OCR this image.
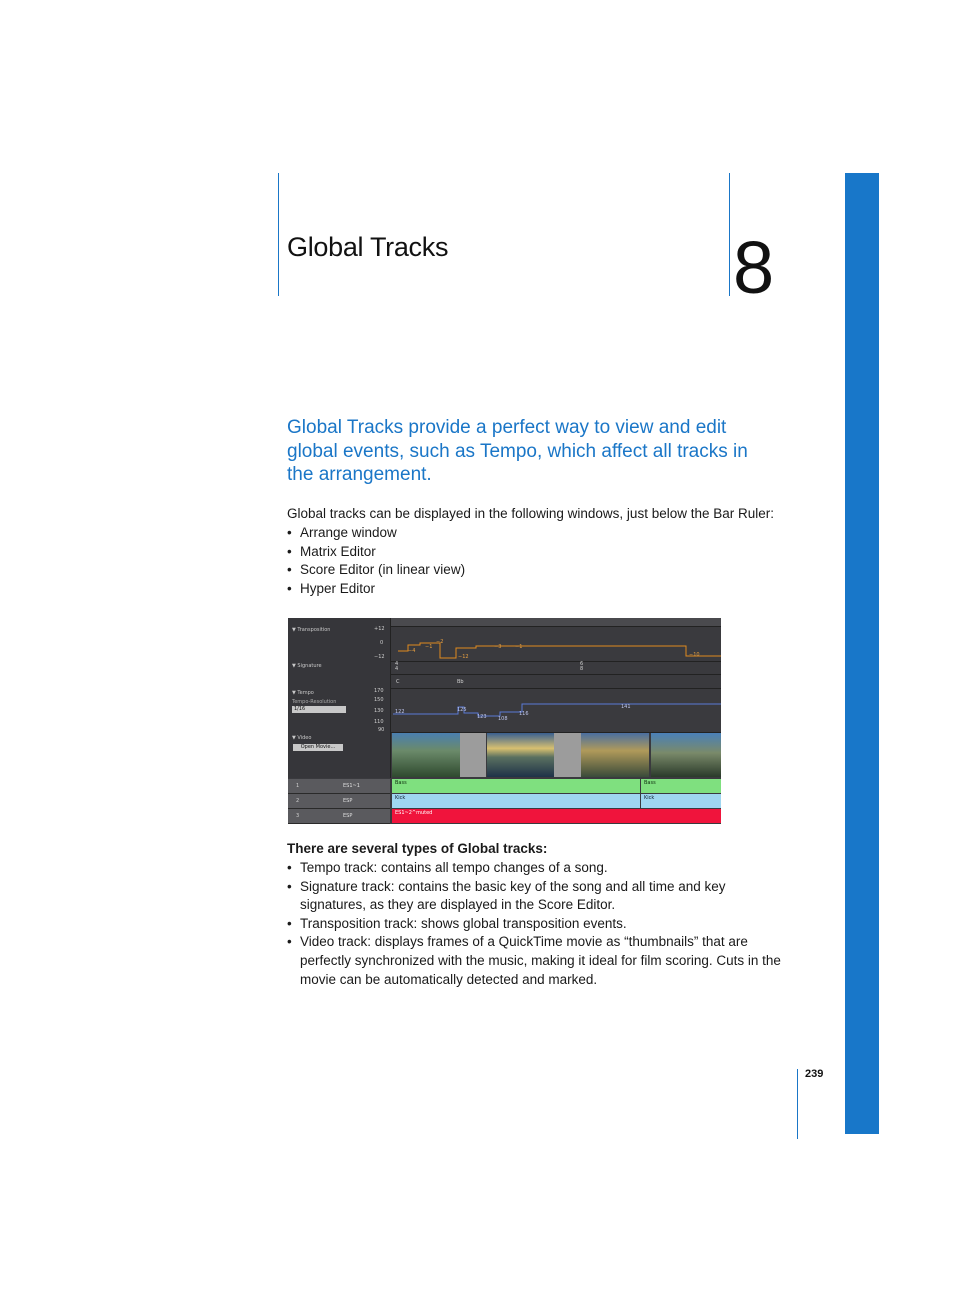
Global Tracks	8
Global Tracks provide a perfect way to view and edit global events, such as Tempo, which affect all tracks in the arrangement.
Global tracks can be displayed in the following windows, just below the Bar Ruler:
• Arrange window
• Matrix Editor
• Score Editor (in linear view)
• Hyper Editor
▼ Transposition	+12
0
−12
▼ Signature	4
4
6
8
C	Bb
▼ Tempo
Tempo-Resolution
1/16
170
150
130
110
90
▼ Video
Open Movie...
−4
−1
−2
−12
−3	−1
−10
122	125
123 108
116
141
1	ES1~1	Bass	Bass
2	ESP	Kick	Kick
3	ESP	ES1~2^muted
There are several types of Global tracks:
• Tempo track: contains all tempo changes of a song.
• Signature track: contains the basic key of the song and all time and key signatures, as they are displayed in the Score Editor.
• Transposition track: shows global transposition events.
• Video track: displays frames of a QuickTime movie as “thumbnails” that are perfectly synchronized with the music, making it ideal for film scoring. Cuts in the movie can be automatically detected and marked.
239
